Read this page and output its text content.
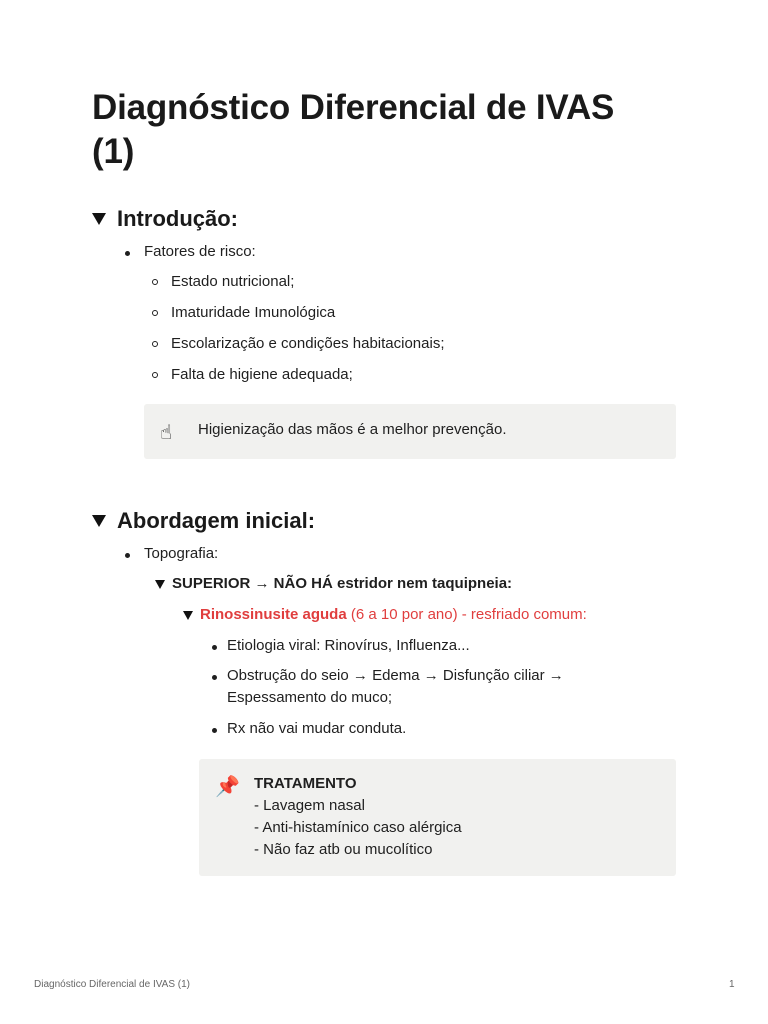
Diagnóstico Diferencial de IVAS (1)
Introdução:
Fatores de risco:
Estado nutricional;
Imaturidade Imunológica
Escolarização e condições habitacionais;
Falta de higiene adequada;
☝ Higienização das mãos é a melhor prevenção.
Abordagem inicial:
Topografia:
SUPERIOR → NÃO HÁ estridor nem taquipneia:
Rinossinusite aguda (6 a 10 por ano) - resfriado comum:
Etiologia viral: Rinovírus, Influenza...
Obstrução do seio → Edema → Disfunção ciliar →
Espessamento do muco;
Rx não vai mudar conduta.
📌 TRATAMENTO
- Lavagem nasal
- Anti-histamínico caso alérgica
- Não faz atb ou mucolítico
Diagnóstico Diferencial de IVAS (1)	1
